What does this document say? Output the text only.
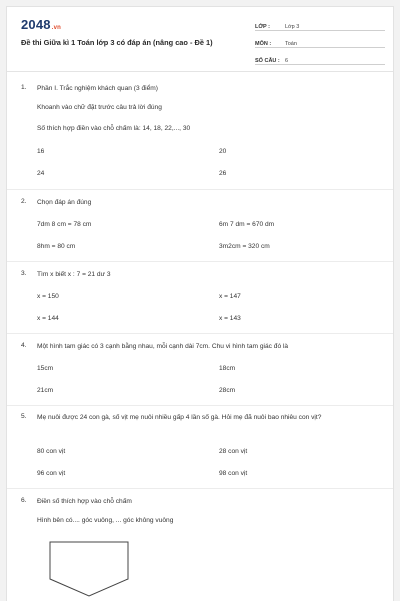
2048.vn
Đề thi Giữa kì 1 Toán lớp 3 có đáp án (nâng cao - Đề 1)
LỚP :	Lớp 3
MÔN :	Toán
SỐ CÂU : 6
1. Phần I. Trắc nghiệm khách quan (3 điểm)
Khoanh vào chữ đặt trước câu trả lời đúng
Số thích hợp điền vào chỗ chấm là: 14, 18, 22,..., 30
16	20
24	26
2. Chọn đáp án đúng
7dm 8 cm = 78 cm	6m 7 dm = 670 dm
8hm = 80 cm	3m2cm = 320 cm
3. Tìm x biết x : 7 = 21 dư 3
x = 150	x = 147
x = 144	x = 143
4. Một hình tam giác có 3 cạnh bằng nhau, mỗi cạnh dài 7cm. Chu vi hình tam giác đó là
15cm	18cm
21cm	28cm
5. Mẹ nuôi được 24 con gà, số vịt mẹ nuôi nhiều gấp 4 lần số gà. Hỏi mẹ đã nuôi bao nhiêu con vịt?
80 con vịt	28 con vịt
96 con vịt	98 con vịt
6. Điền số thích hợp vào chỗ chấm
Hình bên có.... góc vuông, ... góc không vuông
